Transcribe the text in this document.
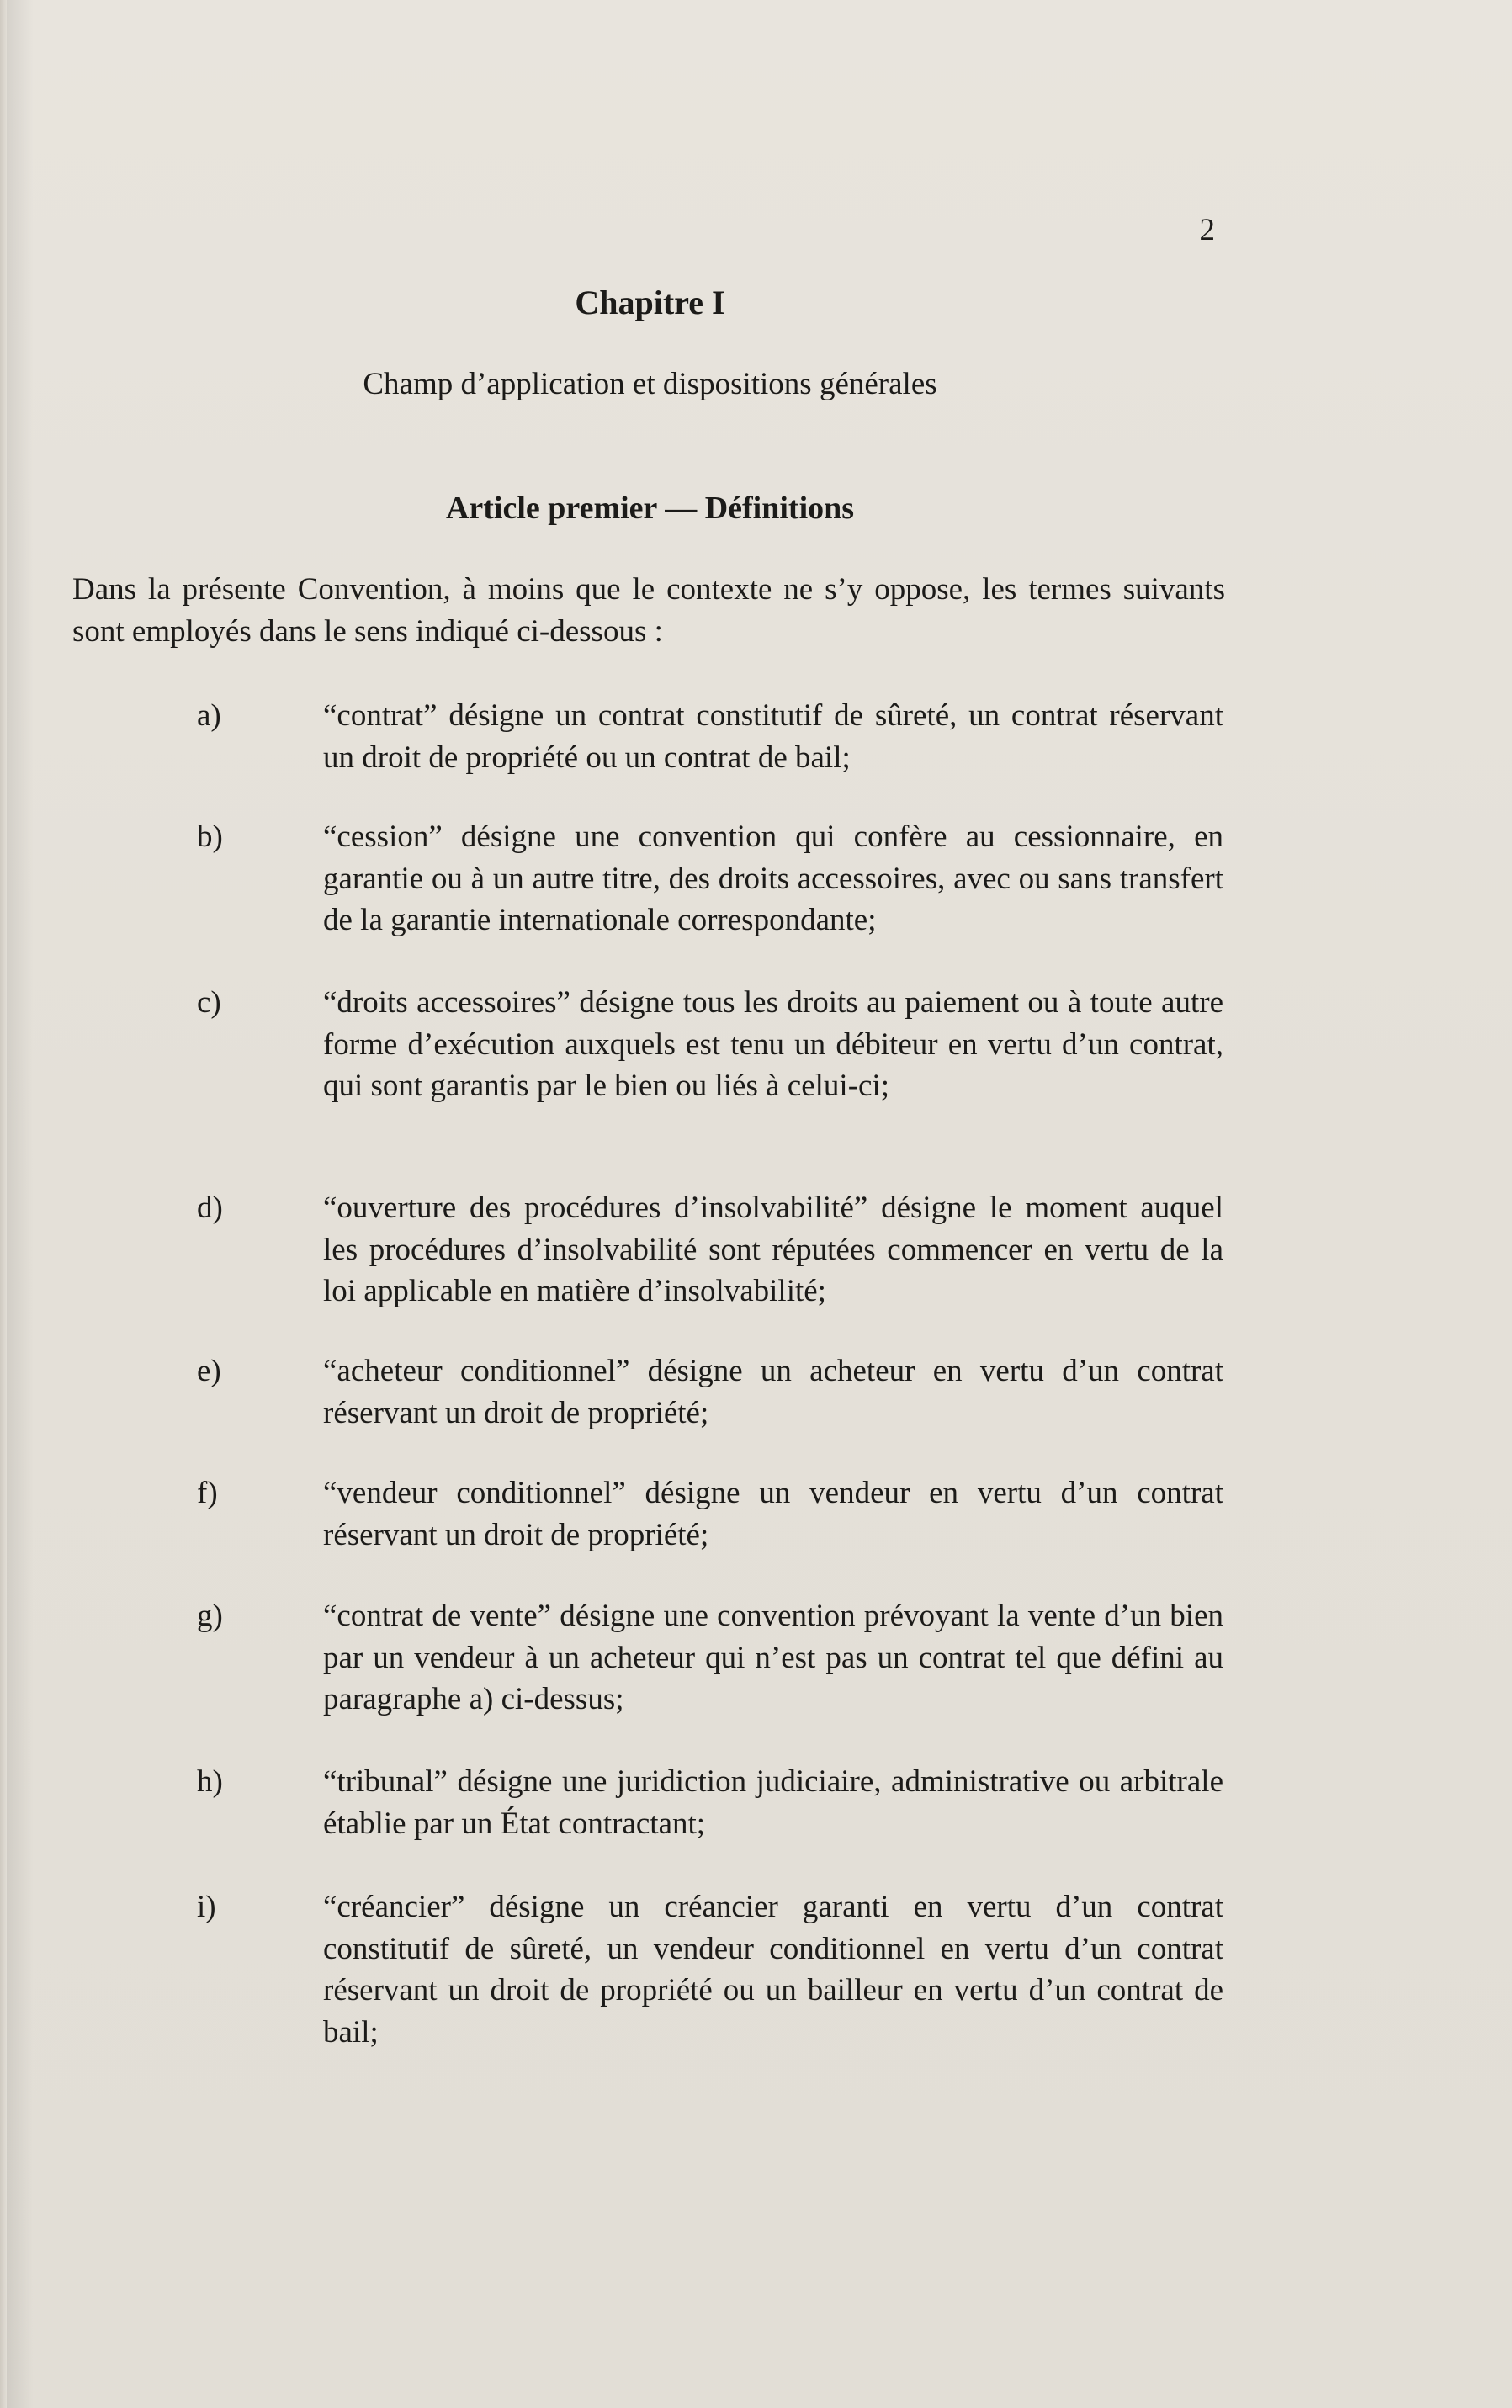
2
Chapitre I
Champ d’application et dispositions générales
Article premier — Définitions
Dans la présente Convention, à moins que le contexte ne s’y oppose, les termes suivants sont employés dans le sens indiqué ci-dessous :
a)	“contrat” désigne un contrat constitutif de sûreté, un contrat réservant un droit de propriété ou un contrat de bail;
b)	“cession” désigne une convention qui confère au cessionnaire, en garantie ou à un autre titre, des droits accessoires, avec ou sans transfert de la garantie internationale correspondante;
c)	“droits accessoires” désigne tous les droits au paiement ou à toute autre forme d’exécution auxquels est tenu un débiteur en vertu d’un contrat, qui sont garantis par le bien ou liés à celui-ci;
d)	“ouverture des procédures d’insolvabilité” désigne le moment auquel les procédures d’insolvabilité sont réputées commencer en vertu de la loi applicable en matière d’insolvabilité;
e)	“acheteur conditionnel” désigne un acheteur en vertu d’un contrat réservant un droit de propriété;
f)	“vendeur conditionnel” désigne un vendeur en vertu d’un contrat réservant un droit de propriété;
g)	“contrat de vente” désigne une convention prévoyant la vente d’un bien par un vendeur à un acheteur qui n’est pas un contrat tel que défini au paragraphe a) ci-dessus;
h)	“tribunal” désigne une juridiction judiciaire, administrative ou arbitrale établie par un État contractant;
i)	“créancier” désigne un créancier garanti en vertu d’un contrat constitutif de sûreté, un vendeur conditionnel en vertu d’un contrat réservant un droit de propriété ou un bailleur en vertu d’un contrat de bail;
